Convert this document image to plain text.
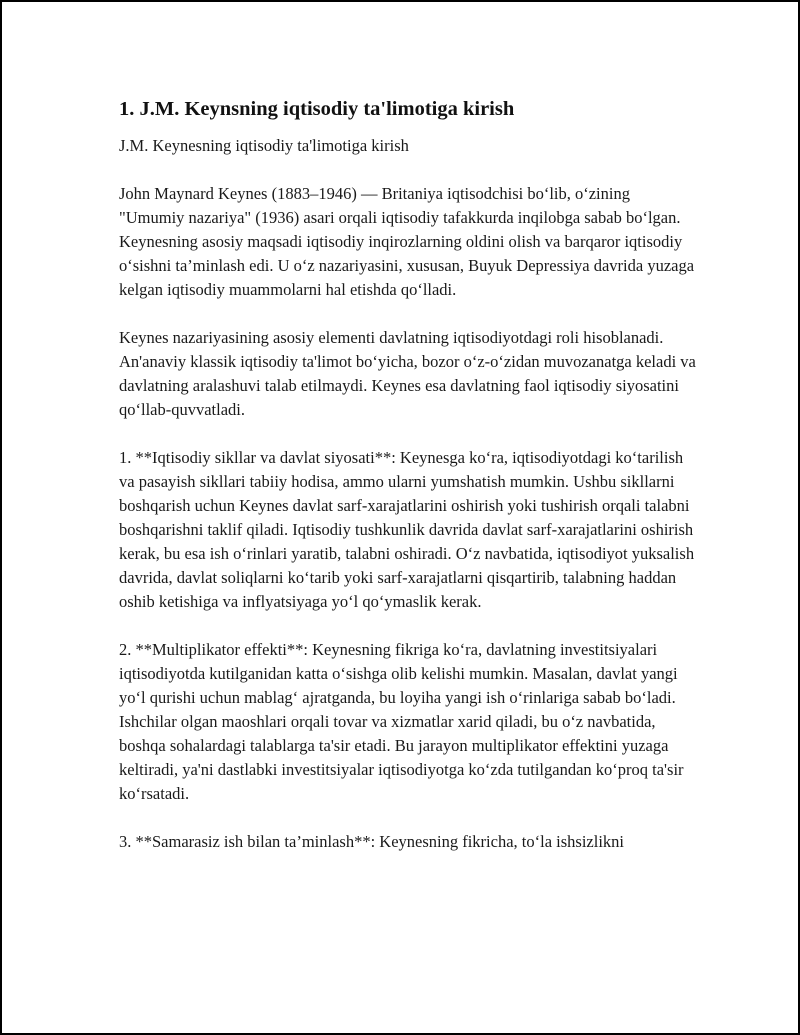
1. J.M. Keynsning iqtisodiy ta'limotiga kirish
J.M. Keynesning iqtisodiy ta'limotiga kirish

John Maynard Keynes (1883–1946) — Britaniya iqtisodchisi bo‘lib, o‘zining "Umumiy nazariya" (1936) asari orqali iqtisodiy tafakkurda inqilobga sabab bo‘lgan. Keynesning asosiy maqsadi iqtisodiy inqirozlarning oldini olish va barqaror iqtisodiy o‘sishni ta’minlash edi. U o‘z nazariyasini, xususan, Buyuk Depressiya davrida yuzaga kelgan iqtisodiy muammolarni hal etishda qo‘lladi.

Keynes nazariyasining asosiy elementi davlatning iqtisodiyotdagi roli hisoblanadi. An'anaviy klassik iqtisodiy ta'limot bo‘yicha, bozor o‘z-o‘zidan muvozanatga keladi va davlatning aralashuvi talab etilmaydi. Keynes esa davlatning faol iqtisodiy siyosatini qo‘llab-quvvatladi.

1. **Iqtisodiy sikllar va davlat siyosati**: Keynesga ko‘ra, iqtisodiyotdagi ko‘tarilish va pasayish sikllari tabiiy hodisa, ammo ularni yumshatish mumkin. Ushbu sikllarni boshqarish uchun Keynes davlat sarf-xarajatlarini oshirish yoki tushirish orqali talabni boshqarishni taklif qiladi. Iqtisodiy tushkunlik davrida davlat sarf-xarajatlarini oshirish kerak, bu esa ish o‘rinlari yaratib, talabni oshiradi. O‘z navbatida, iqtisodiyot yuksalish davrida, davlat soliqlarni ko‘tarib yoki sarf-xarajatlarni qisqartirib, talabning haddan oshib ketishiga va inflyatsiyaga yo‘l qo‘ymaslik kerak.

2. **Multiplikator effekti**: Keynesning fikriga ko‘ra, davlatning investitsiyalari iqtisodiyotda kutilganidan katta o‘sishga olib kelishi mumkin. Masalan, davlat yangi yo‘l qurishi uchun mablag‘ ajratganda, bu loyiha yangi ish o‘rinlariga sabab bo‘ladi. Ishchilar olgan maoshlari orqali tovar va xizmatlar xarid qiladi, bu o‘z navbatida, boshqa sohalardagi talablarga ta'sir etadi. Bu jarayon multiplikator effektini yuzaga keltiradi, ya'ni dastlabki investitsiyalar iqtisodiyotga ko‘zda tutilgandan ko‘proq ta'sir ko‘rsatadi.

3. **Samarasiz ish bilan ta’minlash**: Keynesning fikricha, to‘la ishsizlikni
